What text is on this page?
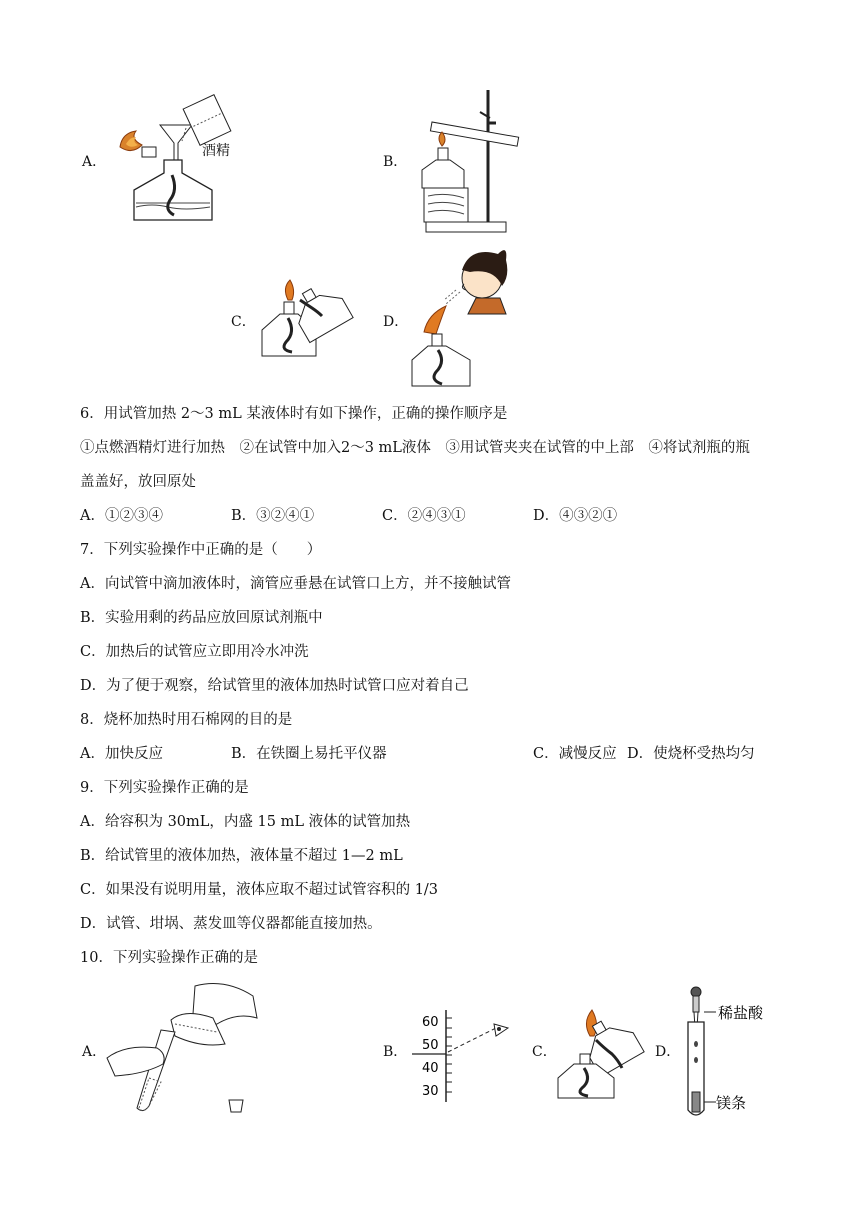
A．
酒精
B．
C．	D．
6．用试管加热 2～3 mL 某液体时有如下操作，正确的操作顺序是
①点燃酒精灯进行加热　②在试管中加入2～3 mL液体　③用试管夹夹在试管的中上部　④将试剂瓶的瓶
盖盖好，放回原处
A．①②③④	B．③②④①	C．②④③①	D．④③②①
7．下列实验操作中正确的是（　　）
A．向试管中滴加液体时，滴管应垂悬在试管口上方，并不接触试管
B．实验用剩的药品应放回原试剂瓶中
C．加热后的试管应立即用冷水冲洗
D．为了便于观察，给试管里的液体加热时试管口应对着自己
8．烧杯加热时用石棉网的目的是
A．加快反应	B．在铁圈上易托平仪器	C．减慢反应 D．使烧杯受热均匀
9．下列实验操作正确的是
A．给容积为 30mL，内盛 15 mL 液体的试管加热
B．给试管里的液体加热，液体量不超过 1—2 mL
C．如果没有说明用量，液体应取不超过试管容积的 1/3
D．试管、坩埚、蒸发皿等仪器都能直接加热。
10．下列实验操作正确的是
A．	B．
60
50
40
30
C．	D．
稀盐酸
镁条
